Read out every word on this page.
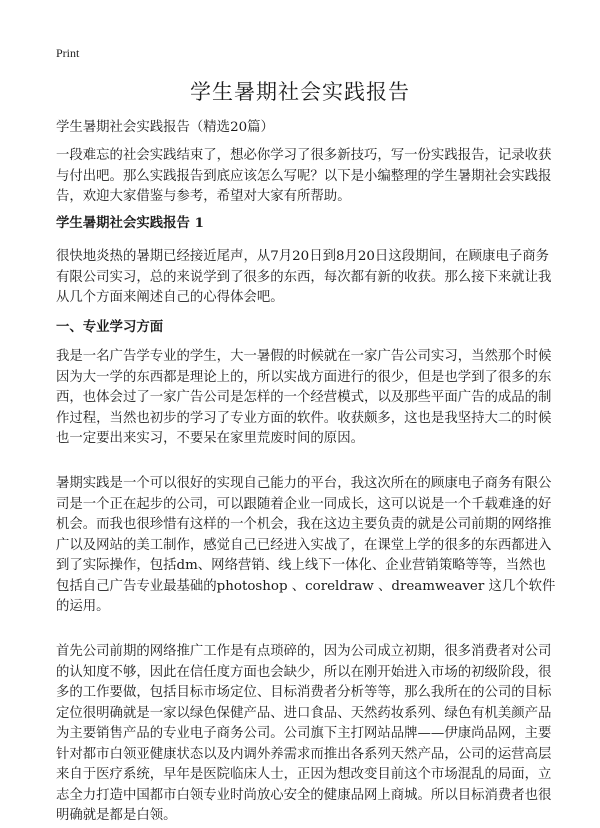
Print
学生暑期社会实践报告

学生暑期社会实践报告（精选20篇）

一段难忘的社会实践结束了，想必你学习了很多新技巧，写一份实践报告，记录收获与付出吧。那么实践报告到底应该怎么写呢？以下是小编整理的学生暑期社会实践报告，欢迎大家借鉴与参考，希望对大家有所帮助。

学生暑期社会实践报告 1

很快地炎热的暑期已经接近尾声，从7月20日到8月20日这段期间，在顾康电子商务有限公司实习，总的来说学到了很多的东西，每次都有新的收获。那么接下来就让我从几个方面来阐述自己的心得体会吧。

一、专业学习方面

我是一名广告学专业的学生，大一暑假的时候就在一家广告公司实习，当然那个时候因为大一学的东西都是理论上的，所以实战方面进行的很少，但是也学到了很多的东西，也体会过了一家广告公司是怎样的一个经营模式，以及那些平面广告的成品的制作过程，当然也初步的学习了专业方面的软件。收获颇多，这也是我坚持大二的时候也一定要出来实习，不要呆在家里荒废时间的原因。

暑期实践是一个可以很好的实现自己能力的平台，我这次所在的顾康电子商务有限公司是一个正在起步的公司，可以跟随着企业一同成长，这可以说是一个千载难逢的好机会。而我也很珍惜有这样的一个机会，我在这边主要负责的就是公司前期的网络推广以及网站的美工制作，感觉自己已经进入实战了，在课堂上学的很多的东西都进入到了实际操作，包括dm、网络营销、线上线下一体化、企业营销策略等等，当然也包括自己广告专业最基础的photoshop 、coreldraw 、dreamweaver 这几个软件的运用。

首先公司前期的网络推广工作是有点琐碎的，因为公司成立初期，很多消费者对公司的认知度不够，因此在信任度方面也会缺少，所以在刚开始进入市场的初级阶段，很多的工作要做，包括目标市场定位、目标消费者分析等等，那么我所在的公司的目标定位很明确就是一家以绿色保健产品、进口食品、天然药妆系列、绿色有机美颜产品为主要销售产品的专业电子商务公司。公司旗下主打网站品牌——伊康尚品网，主要针对都市白领亚健康状态以及内调外养需求而推出各系列天然产品，公司的运营高层来自于医疗系统，早年是医院临床人士，正因为想改变目前这个市场混乱的局面，立志全力打造中国都市白领专业时尚放心安全的健康品网上商城。所以目标消费者也很明确就是都是白领。
